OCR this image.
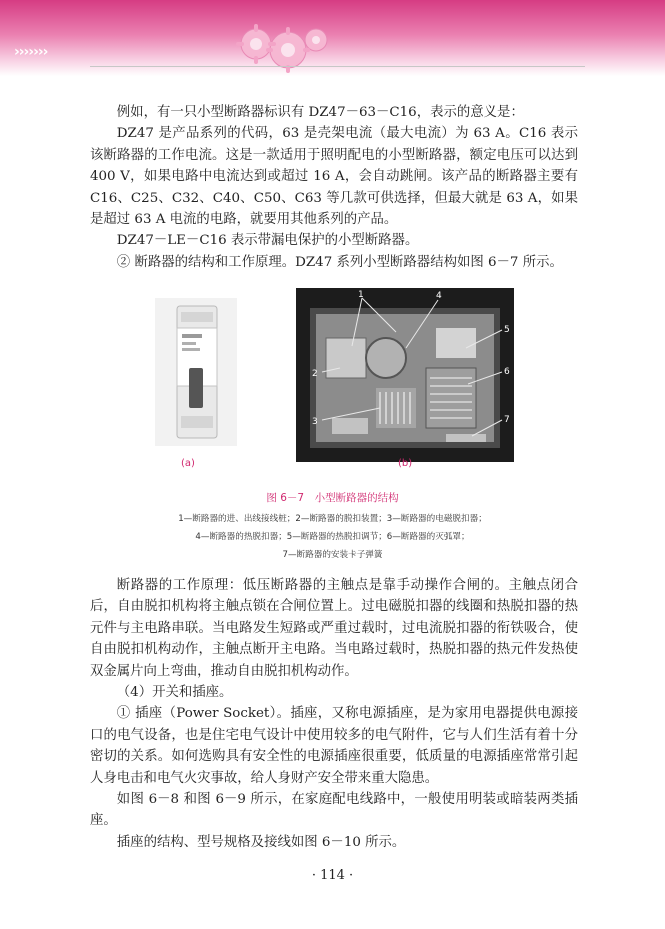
›››››››

例如，有一只小型断路器标识有 DZ47－63－C16，表示的意义是：

DZ47 是产品系列的代码，63 是壳架电流（最大电流）为 63 A。C16 表示该断路器的工作电流。这是一款适用于照明配电的小型断路器，额定电压可以达到 400 V，如果电路中电流达到或超过 16 A，会自动跳闸。该产品的断路器主要有 C16、C25、C32、C40、C50、C63 等几款可供选择，但最大就是 63 A，如果是超过 63 A 电流的电路，就要用其他系列的产品。

DZ47－LE－C16 表示带漏电保护的小型断路器。

② 断路器的结构和工作原理。DZ47 系列小型断路器结构如图 6－7 所示。

(a)
1	4
5
2	6
3	7
(b)
图 6－7　小型断路器的结构
1—断路器的进、出线接线桩；2—断路器的脱扣装置；3—断路器的电磁脱扣器；
4—断路器的热脱扣器；5—断路器的热脱扣调节；6—断路器的灭弧罩；
7—断路器的安装卡子弹簧

断路器的工作原理：低压断路器的主触点是靠手动操作合闸的。主触点闭合后，自由脱扣机构将主触点锁在合闸位置上。过电磁脱扣器的线圈和热脱扣器的热元件与主电路串联。当电路发生短路或严重过载时，过电流脱扣器的衔铁吸合，使自由脱扣机构动作，主触点断开主电路。当电路过载时，热脱扣器的热元件发热使双金属片向上弯曲，推动自由脱扣机构动作。

（4）开关和插座。

① 插座（Power Socket）。插座，又称电源插座，是为家用电器提供电源接口的电气设备，也是住宅电气设计中使用较多的电气附件，它与人们生活有着十分密切的关系。如何选购具有安全性的电源插座很重要，低质量的电源插座常常引起人身电击和电气火灾事故，给人身财产安全带来重大隐患。

如图 6－8 和图 6－9 所示，在家庭配电线路中，一般使用明装或暗装两类插座。

插座的结构、型号规格及接线如图 6－10 所示。

· 114 ·
